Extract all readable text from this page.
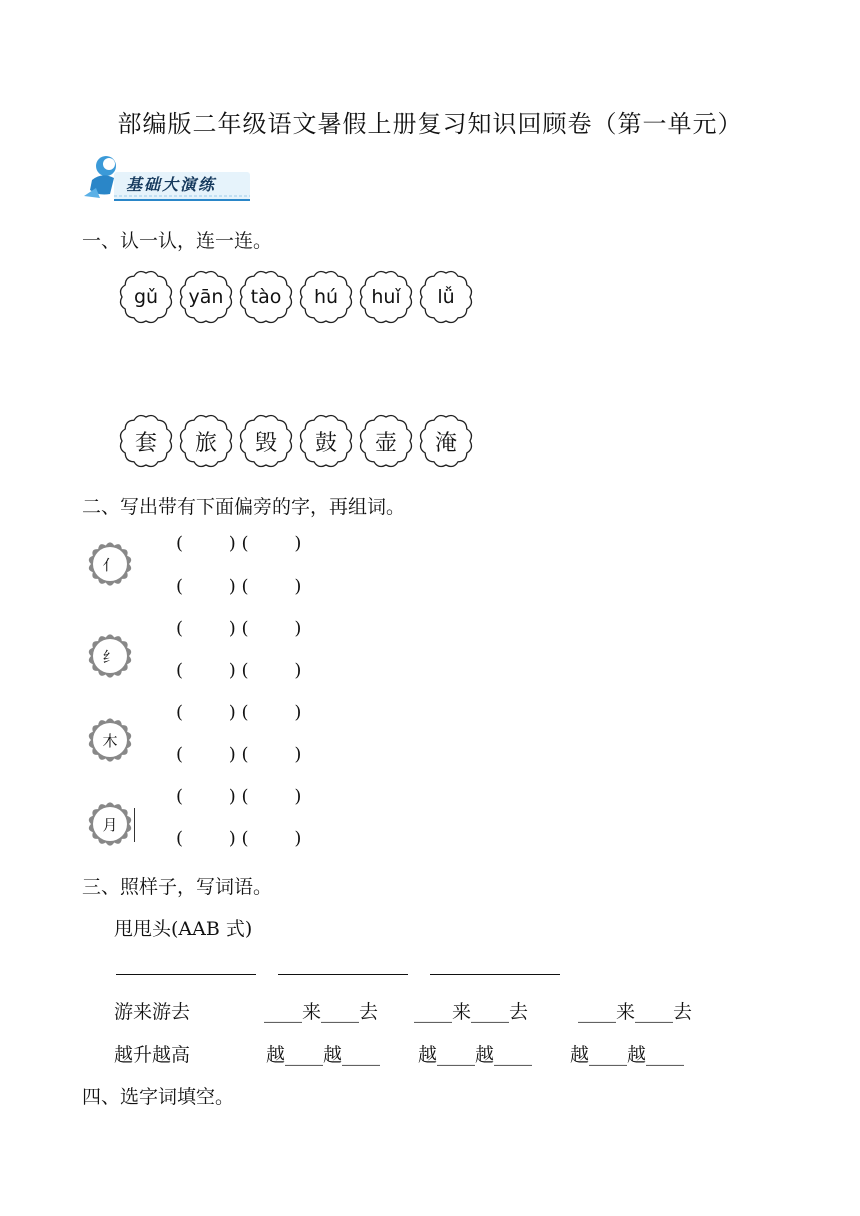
部编版二年级语文暑假上册复习知识回顾卷（第一单元）
基础大演练
一、认一认，连一连。
二、写出带有下面偏旁的字，再组词。
三、照样子，写词语。
甩甩头(AAB 式)
游来游去	____来____去 ____来____去	____来____去
越升越高	越____越____ 越____越____ 越____越____
四、选字词填空。
gǔ	yān	tào	hú	huǐ	lǚ
套	旅	毁	鼓	壶	淹
亻
纟
木
月
(        ) (        )
(        ) (        )
(        ) (        )
(        ) (        )
(        ) (        )
(        ) (        )
(        ) (        )
(        ) (        )
